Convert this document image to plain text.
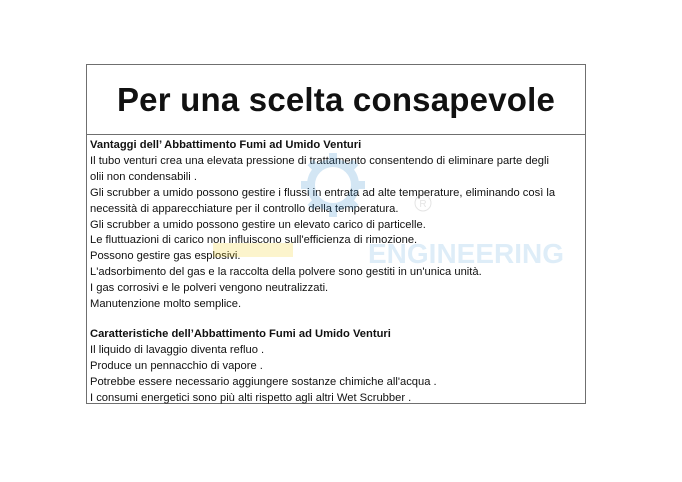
Per una scelta consapevole
Vantaggi dell’ Abbattimento Fumi ad Umido Venturi
Il tubo venturi crea una elevata pressione di trattamento consentendo di eliminare parte degli
olii non condensabili .
Gli scrubber a umido possono gestire i flussi in entrata ad alte temperature, eliminando così la
necessità di apparecchiature per il controllo della temperatura.
Gli scrubber a umido possono gestire un elevato carico di particelle.
Le fluttuazioni di carico non influiscono sull'efficienza di rimozione.
Possono gestire gas esplosivi.
L'adsorbimento del gas e la raccolta della polvere sono gestiti in un'unica unità.
I gas corrosivi e le polveri vengono neutralizzati.
Manutenzione molto semplice.
Caratteristiche dell’Abbattimento Fumi ad Umido Venturi
Il liquido di lavaggio diventa refluo .
Produce un pennacchio di vapore .
Potrebbe essere necessario aggiungere sostanze chimiche all'acqua .
I consumi energetici sono più alti rispetto agli altri Wet Scrubber .
R
ENGINEERING
